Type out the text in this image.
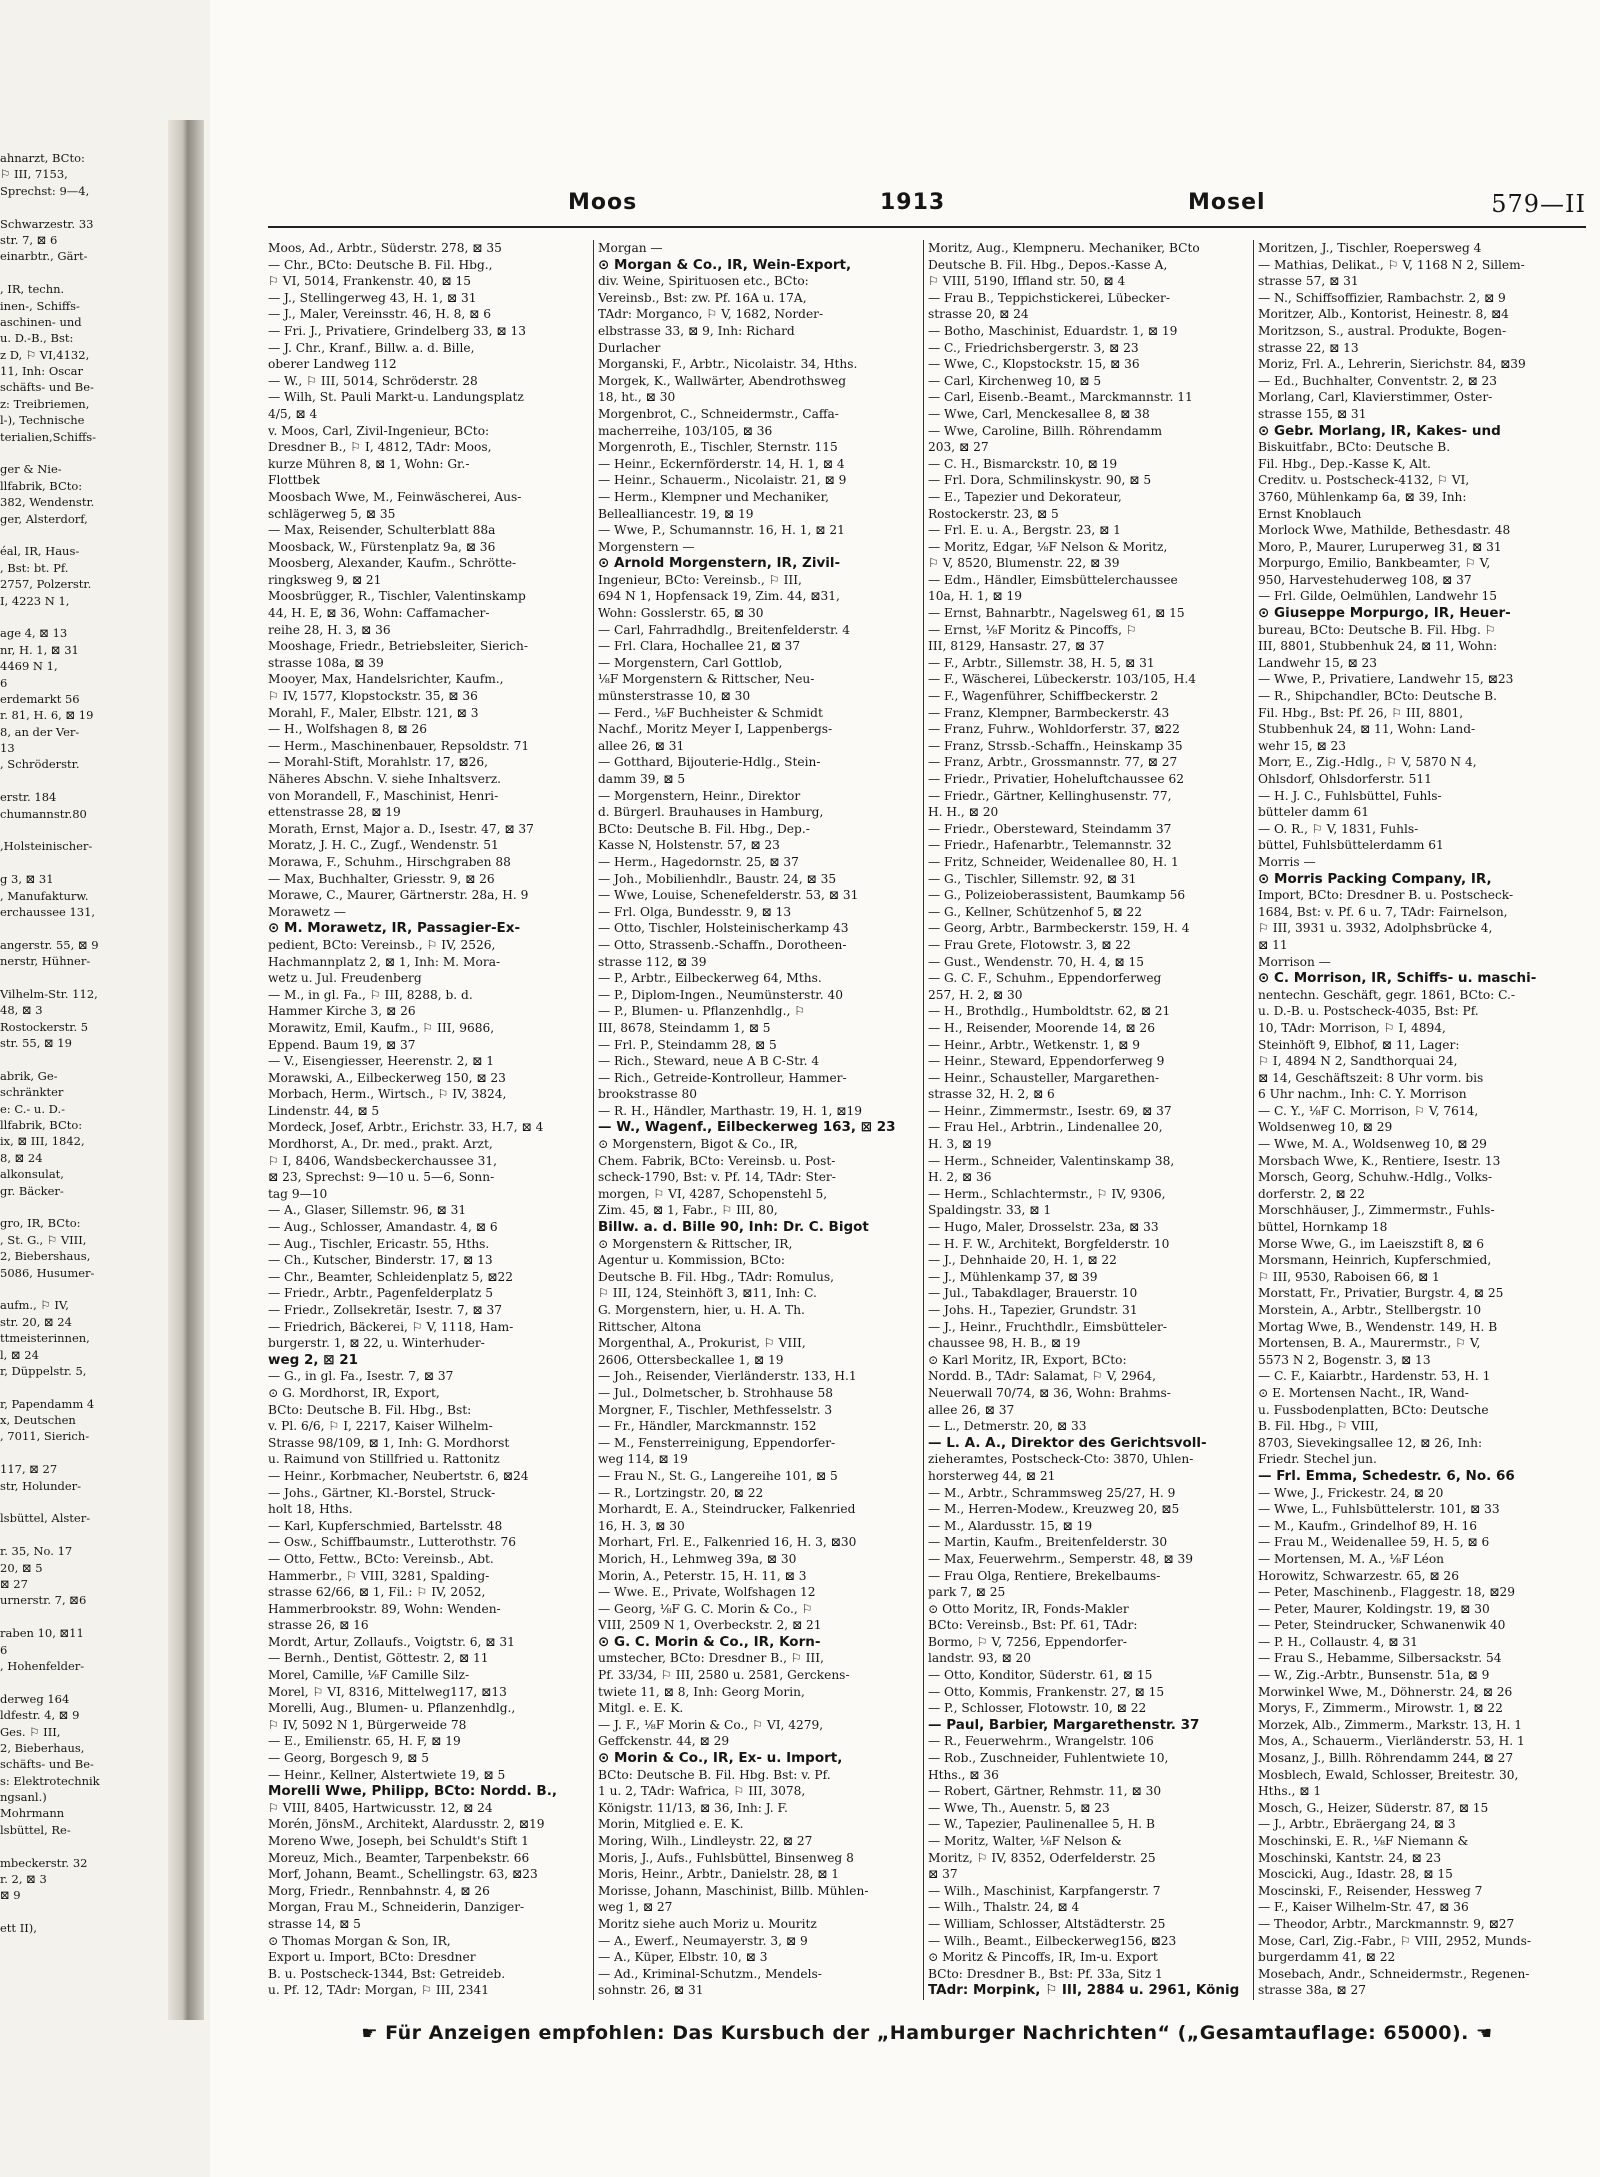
ahnarzt, BCto:
⚐ III, 7153,
Sprechst: 9—4,
Schwarzestr. 33
str. 7, ⊠ 6
einarbtr., Gärt-
, IR, techn.
inen-, Schiffs-
aschinen- und
u. D.-B., Bst:
z D, ⚐ VI,4132,
11, Inh: Oscar
schäfts- und Be-
z: Treibriemen,
l-), Technische
terialien,Schiffs-
ger & Nie-
llfabrik, BCto:
382, Wendenstr.
ger, Alsterdorf,
éal, IR, Haus-
, Bst: bt. Pf.
2757, Polzerstr.
I, 4223 N 1,
age 4, ⊠ 13
nr, H. 1, ⊠ 31
4469 N 1,
6
erdemarkt 56
r. 81, H. 6, ⊠ 19
8, an der Ver-
13
, Schröderstr.
erstr. 184
chumannstr.80
,Holsteinischer-
g 3, ⊠ 31
, Manufakturw.
erchaussee 131,
angerstr. 55, ⊠ 9
nerstr, Hühner-
Vilhelm-Str. 112,
48, ⊠ 3
Rostockerstr. 5
str. 55, ⊠ 19
abrik, Ge-
schränkter
e: C.- u. D.-
llfabrik, BCto:
ix, ⊠ III, 1842,
8, ⊠ 24
alkonsulat,
gr. Bäcker-
gro, IR, BCto:
, St. G., ⚐ VIII,
2, Biebershaus,
5086, Husumer-
aufm., ⚐ IV,
str. 20, ⊠ 24
ttmeisterinnen,
l, ⊠ 24
r, Düppelstr. 5,
r, Papendamm 4
x, Deutschen
, 7011, Sierich-
117, ⊠ 27
str, Holunder-
lsbüttel, Alster-
r. 35, No. 17
20, ⊠ 5
⊠ 27
urnerstr. 7, ⊠6
raben 10, ⊠11
6
, Hohenfelder-
derweg 164
ldfestr. 4, ⊠ 9
Ges. ⚐ III,
2, Bieberhaus,
schäfts- und Be-
s: Elektrotechnik
ngsanl.)
Mohrmann
lsbüttel, Re-
mbeckerstr. 32
r. 2, ⊠ 3
⊠ 9
ett II),
Moos	1913	Mosel	579—II
Moos, Ad., Arbtr., Süderstr. 278, ⊠ 35
— Chr., BCto: Deutsche B. Fil. Hbg.,
⚐ VI, 5014, Frankenstr. 40, ⊠ 15
— J., Stellingerweg 43, H. 1, ⊠ 31
— J., Maler, Vereinsstr. 46, H. 8, ⊠ 6
— Fri. J., Privatiere, Grindelberg 33, ⊠ 13
— J. Chr., Kranf., Billw. a. d. Bille,
oberer Landweg 112
— W., ⚐ III, 5014, Schröderstr. 28
— Wilh, St. Pauli Markt-u. Landungsplatz
4/5, ⊠ 4
v. Moos, Carl, Zivil-Ingenieur, BCto:
Dresdner B., ⚐ I, 4812, TAdr: Moos,
kurze Mühren 8, ⊠ 1, Wohn: Gr.-
Flottbek
Moosbach Wwe, M., Feinwäscherei, Aus-
schlägerweg 5, ⊠ 35
— Max, Reisender, Schulterblatt 88a
Moosback, W., Fürstenplatz 9a, ⊠ 36
Moosberg, Alexander, Kaufm., Schrötte-
ringksweg 9, ⊠ 21
Moosbrügger, R., Tischler, Valentinskamp
44, H. E, ⊠ 36, Wohn: Caffamacher-
reihe 28, H. 3, ⊠ 36
Mooshage, Friedr., Betriebsleiter, Sierich-
strasse 108a, ⊠ 39
Mooyer, Max, Handelsrichter, Kaufm.,
⚐ IV, 1577, Klopstockstr. 35, ⊠ 36
Morahl, F., Maler, Elbstr. 121, ⊠ 3
— H., Wolfshagen 8, ⊠ 26
— Herm., Maschinenbauer, Repsoldstr. 71
— Morahl-Stift, Morahlstr. 17, ⊠26,
Näheres Abschn. V. siehe Inhaltsverz.
von Morandell, F., Maschinist, Henri-
ettenstrasse 28, ⊠ 19
Morath, Ernst, Major a. D., Isestr. 47, ⊠ 37
Moratz, J. H. C., Zugf., Wendenstr. 51
Morawa, F., Schuhm., Hirschgraben 88
— Max, Buchhalter, Griesstr. 9, ⊠ 26
Morawe, C., Maurer, Gärtnerstr. 28a, H. 9
Morawetz —
⊙ M. Morawetz, IR, Passagier-Ex-
pedient, BCto: Vereinsb., ⚐ IV, 2526,
Hachmannplatz 2, ⊠ 1, Inh: M. Mora-
wetz u. Jul. Freudenberg
— M., in gl. Fa., ⚐ III, 8288, b. d.
Hammer Kirche 3, ⊠ 26
Morawitz, Emil, Kaufm., ⚐ III, 9686,
Eppend. Baum 19, ⊠ 37
— V., Eisengiesser, Heerenstr. 2, ⊠ 1
Morawski, A., Eilbeckerweg 150, ⊠ 23
Morbach, Herm., Wirtsch., ⚐ IV, 3824,
Lindenstr. 44, ⊠ 5
Mordeck, Josef, Arbtr., Erichstr. 33, H.7, ⊠ 4
Mordhorst, A., Dr. med., prakt. Arzt,
⚐ I, 8406, Wandsbeckerchaussee 31,
⊠ 23, Sprechst: 9—10 u. 5—6, Sonn-
tag 9—10
— A., Glaser, Sillemstr. 96, ⊠ 31
— Aug., Schlosser, Amandastr. 4, ⊠ 6
— Aug., Tischler, Ericastr. 55, Hths.
— Ch., Kutscher, Binderstr. 17, ⊠ 13
— Chr., Beamter, Schleidenplatz 5, ⊠22
— Friedr., Arbtr., Pagenfelderplatz 5
— Friedr., Zollsekretär, Isestr. 7, ⊠ 37
— Friedrich, Bäckerei, ⚐ V, 1118, Ham-
burgerstr. 1, ⊠ 22, u. Winterhuder-
weg 2, ⊠ 21
— G., in gl. Fa., Isestr. 7, ⊠ 37
⊙ G. Mordhorst, IR, Export,
BCto: Deutsche B. Fil. Hbg., Bst:
v. Pl. 6/6, ⚐ I, 2217, Kaiser Wilhelm-
Strasse 98/109, ⊠ 1, Inh: G. Mordhorst
u. Raimund von Stillfried u. Rattonitz
— Heinr., Korbmacher, Neubertstr. 6, ⊠24
— Johs., Gärtner, Kl.-Borstel, Struck-
holt 18, Hths.
— Karl, Kupferschmied, Bartelsstr. 48
— Osw., Schiffbaumstr., Lutterothstr. 76
— Otto, Fettw., BCto: Vereinsb., Abt.
Hammerbr., ⚐ VIII, 3281, Spalding-
strasse 62/66, ⊠ 1, Fil.: ⚐ IV, 2052,
Hammerbrookstr. 89, Wohn: Wenden-
strasse 26, ⊠ 16
Mordt, Artur, Zollaufs., Voigtstr. 6, ⊠ 31
— Bernh., Dentist, Göttestr. 2, ⊠ 11
Morel, Camille, ⅛F Camille Silz-
Morel, ⚐ VI, 8316, Mittelweg117, ⊠13
Morelli, Aug., Blumen- u. Pflanzenhdlg.,
⚐ IV, 5092 N 1, Bürgerweide 78
— E., Emilienstr. 65, H. F, ⊠ 19
— Georg, Borgesch 9, ⊠ 5
— Heinr., Kellner, Alstertwiete 19, ⊠ 5
Morelli Wwe, Philipp, BCto: Nordd. B.,
⚐ VIII, 8405, Hartwicusstr. 12, ⊠ 24
Morén, JönsM., Architekt, Alardusstr. 2, ⊠19
Moreno Wwe, Joseph, bei Schuldt's Stift 1
Moreuz, Mich., Beamter, Tarpenbekstr. 66
Morf, Johann, Beamt., Schellingstr. 63, ⊠23
Morg, Friedr., Rennbahnstr. 4, ⊠ 26
Morgan, Frau M., Schneiderin, Danziger-
strasse 14, ⊠ 5
⊙ Thomas Morgan & Son, IR,
Export u. Import, BCto: Dresdner
B. u. Postscheck-1344, Bst: Getreideb.
u. Pf. 12, TAdr: Morgan, ⚐ III, 2341
Morgan —
⊙ Morgan & Co., IR, Wein-Export,
div. Weine, Spirituosen etc., BCto:
Vereinsb., Bst: zw. Pf. 16A u. 17A,
TAdr: Morganco, ⚐ V, 1682, Norder-
elbstrasse 33, ⊠ 9, Inh: Richard
Durlacher
Morganski, F., Arbtr., Nicolaistr. 34, Hths.
Morgek, K., Wallwärter, Abendrothsweg
18, ht., ⊠ 30
Morgenbrot, C., Schneidermstr., Caffa-
macherreihe, 103/105, ⊠ 36
Morgenroth, E., Tischler, Sternstr. 115
— Heinr., Eckernförderstr. 14, H. 1, ⊠ 4
— Heinr., Schauerm., Nicolaistr. 21, ⊠ 9
— Herm., Klempner und Mechaniker,
Bellealliancestr. 19, ⊠ 19
— Wwe, P., Schumannstr. 16, H. 1, ⊠ 21
Morgenstern —
⊙ Arnold Morgenstern, IR, Zivil-
Ingenieur, BCto: Vereinsb., ⚐ III,
694 N 1, Hopfensack 19, Zim. 44, ⊠31,
Wohn: Gosslerstr. 65, ⊠ 30
— Carl, Fahrradhdlg., Breitenfelderstr. 4
— Frl. Clara, Hochallee 21, ⊠ 37
— Morgenstern, Carl Gottlob,
⅛F Morgenstern & Rittscher, Neu-
münsterstrasse 10, ⊠ 30
— Ferd., ⅛F Buchheister & Schmidt
Nachf., Moritz Meyer I, Lappenbergs-
allee 26, ⊠ 31
— Gotthard, Bijouterie-Hdlg., Stein-
damm 39, ⊠ 5
— Morgenstern, Heinr., Direktor
d. Bürgerl. Brauhauses in Hamburg,
BCto: Deutsche B. Fil. Hbg., Dep.-
Kasse N, Holstenstr. 57, ⊠ 23
— Herm., Hagedornstr. 25, ⊠ 37
— Joh., Mobilienhdlr., Baustr. 24, ⊠ 35
— Wwe, Louise, Schenefelderstr. 53, ⊠ 31
— Frl. Olga, Bundesstr. 9, ⊠ 13
— Otto, Tischler, Holsteinischerkamp 43
— Otto, Strassenb.-Schaffn., Dorotheen-
strasse 112, ⊠ 39
— P., Arbtr., Eilbeckerweg 64, Mths.
— P., Diplom-Ingen., Neumünsterstr. 40
— P., Blumen- u. Pflanzenhdlg., ⚐
III, 8678, Steindamm 1, ⊠ 5
— Frl. P., Steindamm 28, ⊠ 5
— Rich., Steward, neue A B C-Str. 4
— Rich., Getreide-Kontrolleur, Hammer-
brookstrasse 80
— R. H., Händler, Marthastr. 19, H. 1, ⊠19
— W., Wagenf., Eilbeckerweg 163, ⊠ 23
⊙ Morgenstern, Bigot & Co., IR,
Chem. Fabrik, BCto: Vereinsb. u. Post-
scheck-1790, Bst: v. Pf. 14, TAdr: Ster-
morgen, ⚐ VI, 4287, Schopenstehl 5,
Zim. 45, ⊠ 1, Fabr., ⚐ III, 80,
Billw. a. d. Bille 90, Inh: Dr. C. Bigot
⊙ Morgenstern & Rittscher, IR,
Agentur u. Kommission, BCto:
Deutsche B. Fil. Hbg., TAdr: Romulus,
⚐ III, 124, Steinhöft 3, ⊠11, Inh: C.
G. Morgenstern, hier, u. H. A. Th.
Rittscher, Altona
Morgenthal, A., Prokurist, ⚐ VIII,
2606, Ottersbeckallee 1, ⊠ 19
— Joh., Reisender, Vierländerstr. 133, H.1
— Jul., Dolmetscher, b. Strohhause 58
Morgner, F., Tischler, Methfesselstr. 3
— Fr., Händler, Marckmannstr. 152
— M., Fensterreinigung, Eppendorfer-
weg 114, ⊠ 19
— Frau N., St. G., Langereihe 101, ⊠ 5
— R., Lortzingstr. 20, ⊠ 22
Morhardt, E. A., Steindrucker, Falkenried
16, H. 3, ⊠ 30
Morhart, Frl. E., Falkenried 16, H. 3, ⊠30
Morich, H., Lehmweg 39a, ⊠ 30
Morin, A., Peterstr. 15, H. 11, ⊠ 3
— Wwe. E., Private, Wolfshagen 12
— Georg, ⅛F G. C. Morin & Co., ⚐
VIII, 2509 N 1, Overbeckstr. 2, ⊠ 21
⊙ G. C. Morin & Co., IR, Korn-
umstecher, BCto: Dresdner B., ⚐ III,
Pf. 33/34, ⚐ III, 2580 u. 2581, Gerckens-
twiete 11, ⊠ 8, Inh: Georg Morin,
Mitgl. e. E. K.
— J. F., ⅛F Morin & Co., ⚐ VI, 4279,
Geffckenstr. 44, ⊠ 29
⊙ Morin & Co., IR, Ex- u. Import,
BCto: Deutsche B. Fil. Hbg. Bst: v. Pf.
1 u. 2, TAdr: Wafrica, ⚐ III, 3078,
Königstr. 11/13, ⊠ 36, Inh: J. F.
Morin, Mitglied e. E. K.
Moring, Wilh., Lindleystr. 22, ⊠ 27
Moris, J., Aufs., Fuhlsbüttel, Binsenweg 8
Moris, Heinr., Arbtr., Danielstr. 28, ⊠ 1
Morisse, Johann, Maschinist, Billb. Mühlen-
weg 1, ⊠ 27
Moritz siehe auch Moriz u. Mouritz
— A., Ewerf., Neumayerstr. 3, ⊠ 9
— A., Küper, Elbstr. 10, ⊠ 3
— Ad., Kriminal-Schutzm., Mendels-
sohnstr. 26, ⊠ 31
Moritz, Aug., Klempneru. Mechaniker, BCto
Deutsche B. Fil. Hbg., Depos.-Kasse A,
⚐ VIII, 5190, Iffland str. 50, ⊠ 4
— Frau B., Teppichstickerei, Lübecker-
strasse 20, ⊠ 24
— Botho, Maschinist, Eduardstr. 1, ⊠ 19
— C., Friedrichsbergerstr. 3, ⊠ 23
— Wwe, C., Klopstockstr. 15, ⊠ 36
— Carl, Kirchenweg 10, ⊠ 5
— Carl, Eisenb.-Beamt., Marckmannstr. 11
— Wwe, Carl, Menckesallee 8, ⊠ 38
— Wwe, Caroline, Billh. Röhrendamm
203, ⊠ 27
— C. H., Bismarckstr. 10, ⊠ 19
— Frl. Dora, Schmilinskystr. 90, ⊠ 5
— E., Tapezier und Dekorateur,
Rostockerstr. 23, ⊠ 5
— Frl. E. u. A., Bergstr. 23, ⊠ 1
— Moritz, Edgar, ⅛F Nelson & Moritz,
⚐ V, 8520, Blumenstr. 22, ⊠ 39
— Edm., Händler, Eimsbüttelerchaussee
10a, H. 1, ⊠ 19
— Ernst, Bahnarbtr., Nagelsweg 61, ⊠ 15
— Ernst, ⅛F Moritz & Pincoffs, ⚐
III, 8129, Hansastr. 27, ⊠ 37
— F., Arbtr., Sillemstr. 38, H. 5, ⊠ 31
— F., Wäscherei, Lübeckerstr. 103/105, H.4
— F., Wagenführer, Schiffbeckerstr. 2
— Franz, Klempner, Barmbeckerstr. 43
— Franz, Fuhrw., Wohldorferstr. 37, ⊠22
— Franz, Strssb.-Schaffn., Heinskamp 35
— Franz, Arbtr., Grossmannstr. 77, ⊠ 27
— Friedr., Privatier, Hoheluftchaussee 62
— Friedr., Gärtner, Kellinghusenstr. 77,
H. H., ⊠ 20
— Friedr., Obersteward, Steindamm 37
— Friedr., Hafenarbtr., Telemannstr. 32
— Fritz, Schneider, Weidenallee 80, H. 1
— G., Tischler, Sillemstr. 92, ⊠ 31
— G., Polizeioberassistent, Baumkamp 56
— G., Kellner, Schützenhof 5, ⊠ 22
— Georg, Arbtr., Barmbeckerstr. 159, H. 4
— Frau Grete, Flotowstr. 3, ⊠ 22
— Gust., Wendenstr. 70, H. 4, ⊠ 15
— G. C. F., Schuhm., Eppendorferweg
257, H. 2, ⊠ 30
— H., Brothdlg., Humboldtstr. 62, ⊠ 21
— H., Reisender, Moorende 14, ⊠ 26
— Heinr., Arbtr., Wetkenstr. 1, ⊠ 9
— Heinr., Steward, Eppendorferweg 9
— Heinr., Schausteller, Margarethen-
strasse 32, H. 2, ⊠ 6
— Heinr., Zimmermstr., Isestr. 69, ⊠ 37
— Frau Hel., Arbtrin., Lindenallee 20,
H. 3, ⊠ 19
— Herm., Schneider, Valentinskamp 38,
H. 2, ⊠ 36
— Herm., Schlachtermstr., ⚐ IV, 9306,
Spaldingstr. 33, ⊠ 1
— Hugo, Maler, Drosselstr. 23a, ⊠ 33
— H. F. W., Architekt, Borgfelderstr. 10
— J., Dehnhaide 20, H. 1, ⊠ 22
— J., Mühlenkamp 37, ⊠ 39
— Jul., Tabakdlager, Brauerstr. 10
— Johs. H., Tapezier, Grundstr. 31
— J., Heinr., Fruchthdlr., Eimsbütteler-
chaussee 98, H. B., ⊠ 19
⊙ Karl Moritz, IR, Export, BCto:
Nordd. B., TAdr: Salamat, ⚐ V, 2964,
Neuerwall 70/74, ⊠ 36, Wohn: Brahms-
allee 26, ⊠ 37
— L., Detmerstr. 20, ⊠ 33
— L. A. A., Direktor des Gerichtsvoll-
zieheramtes, Postscheck-Cto: 3870, Uhlen-
horsterweg 44, ⊠ 21
— M., Arbtr., Schrammsweg 25/27, H. 9
— M., Herren-Modew., Kreuzweg 20, ⊠5
— M., Alardusstr. 15, ⊠ 19
— Martin, Kaufm., Breitenfelderstr. 30
— Max, Feuerwehrm., Semperstr. 48, ⊠ 39
— Frau Olga, Rentiere, Brekelbaums-
park 7, ⊠ 25
⊙ Otto Moritz, IR, Fonds-Makler
BCto: Vereinsb., Bst: Pf. 61, TAdr:
Bormo, ⚐ V, 7256, Eppendorfer-
landstr. 93, ⊠ 20
— Otto, Konditor, Süderstr. 61, ⊠ 15
— Otto, Kommis, Frankenstr. 27, ⊠ 15
— P., Schlosser, Flotowstr. 10, ⊠ 22
— Paul, Barbier, Margarethenstr. 37
— R., Feuerwehrm., Wrangelstr. 106
— Rob., Zuschneider, Fuhlentwiete 10,
Hths., ⊠ 36
— Robert, Gärtner, Rehmstr. 11, ⊠ 30
— Wwe, Th., Auenstr. 5, ⊠ 23
— W., Tapezier, Paulinenallee 5, H. B
— Moritz, Walter, ⅛F Nelson &
Moritz, ⚐ IV, 8352, Oderfelderstr. 25
⊠ 37
— Wilh., Maschinist, Karpfangerstr. 7
— Wilh., Thalstr. 24, ⊠ 4
— William, Schlosser, Altstädterstr. 25
— Wilh., Beamt., Eilbeckerweg156, ⊠23
⊙ Moritz & Pincoffs, IR, Im-u. Export
BCto: Dresdner B., Bst: Pf. 33a, Sitz 1
TAdr: Morpink, ⚐ III, 2884 u. 2961, König
Moritzen, J., Tischler, Roepersweg 4
— Mathias, Delikat., ⚐ V, 1168 N 2, Sillem-
strasse 57, ⊠ 31
— N., Schiffsoffizier, Rambachstr. 2, ⊠ 9
Moritzer, Alb., Kontorist, Heinestr. 8, ⊠4
Moritzson, S., austral. Produkte, Bogen-
strasse 22, ⊠ 13
Moriz, Frl. A., Lehrerin, Sierichstr. 84, ⊠39
— Ed., Buchhalter, Conventstr. 2, ⊠ 23
Morlang, Carl, Klavierstimmer, Oster-
strasse 155, ⊠ 31
⊙ Gebr. Morlang, IR, Kakes- und
Biskuitfabr., BCto: Deutsche B.
Fil. Hbg., Dep.-Kasse K, Alt.
Creditv. u. Postscheck-4132, ⚐ VI,
3760, Mühlenkamp 6a, ⊠ 39, Inh:
Ernst Knoblauch
Morlock Wwe, Mathilde, Bethesdastr. 48
Moro, P., Maurer, Luruperweg 31, ⊠ 31
Morpurgo, Emilio, Bankbeamter, ⚐ V,
950, Harvestehuderweg 108, ⊠ 37
— Frl. Gilde, Oelmühlen, Landwehr 15
⊙ Giuseppe Morpurgo, IR, Heuer-
bureau, BCto: Deutsche B. Fil. Hbg. ⚐
III, 8801, Stubbenhuk 24, ⊠ 11, Wohn:
Landwehr 15, ⊠ 23
— Wwe, P., Privatiere, Landwehr 15, ⊠23
— R., Shipchandler, BCto: Deutsche B.
Fil. Hbg., Bst: Pf. 26, ⚐ III, 8801,
Stubbenhuk 24, ⊠ 11, Wohn: Land-
wehr 15, ⊠ 23
Morr, E., Zig.-Hdlg., ⚐ V, 5870 N 4,
Ohlsdorf, Ohlsdorferstr. 511
— H. J. C., Fuhlsbüttel, Fuhls-
bütteler damm 61
— O. R., ⚐ V, 1831, Fuhls-
büttel, Fuhlsbüttelerdamm 61
Morris —
⊙ Morris Packing Company, IR,
Import, BCto: Dresdner B. u. Postscheck-
1684, Bst: v. Pf. 6 u. 7, TAdr: Fairnelson,
⚐ III, 3931 u. 3932, Adolphsbrücke 4,
⊠ 11
Morrison —
⊙ C. Morrison, IR, Schiffs- u. maschi-
nentechn. Geschäft, gegr. 1861, BCto: C.-
u. D.-B. u. Postscheck-4035, Bst: Pf.
10, TAdr: Morrison, ⚐ I, 4894,
Steinhöft 9, Elbhof, ⊠ 11, Lager:
⚐ I, 4894 N 2, Sandthorquai 24,
⊠ 14, Geschäftszeit: 8 Uhr vorm. bis
6 Uhr nachm., Inh: C. Y. Morrison
— C. Y., ⅛F C. Morrison, ⚐ V, 7614,
Woldsenweg 10, ⊠ 29
— Wwe, M. A., Woldsenweg 10, ⊠ 29
Morsbach Wwe, K., Rentiere, Isestr. 13
Morsch, Georg, Schuhw.-Hdlg., Volks-
dorferstr. 2, ⊠ 22
Morschhäuser, J., Zimmermstr., Fuhls-
büttel, Hornkamp 18
Morse Wwe, G., im Laeiszstift 8, ⊠ 6
Morsmann, Heinrich, Kupferschmied,
⚐ III, 9530, Raboisen 66, ⊠ 1
Morstatt, Fr., Privatier, Burgstr. 4, ⊠ 25
Morstein, A., Arbtr., Stellbergstr. 10
Mortag Wwe, B., Wendenstr. 149, H. B
Mortensen, B. A., Maurermstr., ⚐ V,
5573 N 2, Bogenstr. 3, ⊠ 13
— C. F., Kaiarbtr., Hardenstr. 53, H. 1
⊙ E. Mortensen Nacht., IR, Wand-
u. Fussbodenplatten, BCto: Deutsche
B. Fil. Hbg., ⚐ VIII,
8703, Sievekingsallee 12, ⊠ 26, Inh:
Friedr. Stechel jun.
— Frl. Emma, Schedestr. 6, No. 66
— Wwe, J., Frickestr. 24, ⊠ 20
— Wwe, L., Fuhlsbüttelerstr. 101, ⊠ 33
— M., Kaufm., Grindelhof 89, H. 16
— Frau M., Weidenallee 59, H. 5, ⊠ 6
— Mortensen, M. A., ⅛F Léon
Horowitz, Schwarzestr. 65, ⊠ 26
— Peter, Maschinenb., Flaggestr. 18, ⊠29
— Peter, Maurer, Koldingstr. 19, ⊠ 30
— Peter, Steindrucker, Schwanenwik 40
— P. H., Collaustr. 4, ⊠ 31
— Frau S., Hebamme, Silbersackstr. 54
— W., Zig.-Arbtr., Bunsenstr. 51a, ⊠ 9
Morwinkel Wwe, M., Döhnerstr. 24, ⊠ 26
Morys, F., Zimmerm., Mirowstr. 1, ⊠ 22
Morzek, Alb., Zimmerm., Markstr. 13, H. 1
Mos, A., Schauerm., Vierländerstr. 53, H. 1
Mosanz, J., Billh. Röhrendamm 244, ⊠ 27
Mosblech, Ewald, Schlosser, Breitestr. 30,
Hths., ⊠ 1
Mosch, G., Heizer, Süderstr. 87, ⊠ 15
— J., Arbtr., Ebräergang 24, ⊠ 3
Moschinski, E. R., ⅛F Niemann &
Moschinski, Kantstr. 24, ⊠ 23
Moscicki, Aug., Idastr. 28, ⊠ 15
Moscinski, F., Reisender, Hessweg 7
— F., Kaiser Wilhelm-Str. 47, ⊠ 36
— Theodor, Arbtr., Marckmannstr. 9, ⊠27
Mose, Carl, Zig.-Fabr., ⚐ VIII, 2952, Munds-
burgerdamm 41, ⊠ 22
Mosebach, Andr., Schneidermstr., Regenen-
strasse 38a, ⊠ 27
☛ Für Anzeigen empfohlen: Das Kursbuch der „Hamburger Nachrichten“ („Gesamtauflage: 65000). ☚
